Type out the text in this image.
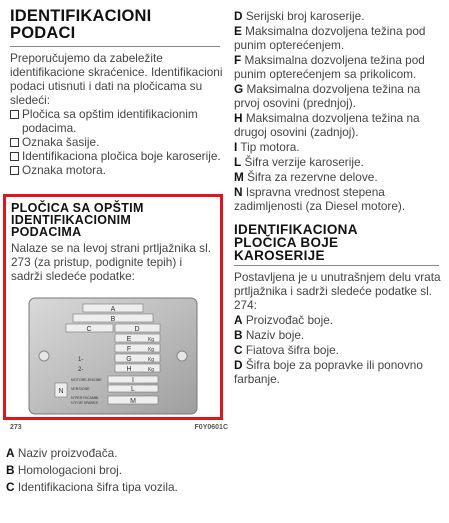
IDENTIFIKACIONI
PODACI

Preporučujemo da zabeležite identifikacione skraćenice. Identifikacioni podaci utisnuti i dati na pločicama su sledeći:

Pločica sa opštim identifikacionim podacima.
Oznaka šasije.
Identifikaciona pločica boje karoserije.
Oznaka motora.
PLOČICA SA OPŠTIM
IDENTIFIKACIONIM
PODACIMA

Nalaze se na levoj strani prtljažnika sl. 273 (za pristup, podignite tepih) i sadrži sledeće podatke:

A
B
C	D
E	Kg
F	Kg
1-	G	Kg
2-	H	Kg
MOTORE-ENGINE	I
N VERSIONE	L
N°PER RICAMBI
N°FOR SPARES	M
273	F0Y0601C

A Naziv proizvođača.

B Homologacioni broj.

C Identifikaciona šifra tipa vozila.

D Serijski broj karoserije.

E Maksimalna dozvoljena težina pod punim opterećenjem.

F Maksimalna dozvoljena težina pod punim opterećenjem sa prikolicom.

G Maksimalna dozvoljena težina na prvoj osovini (prednjoj).

H Maksimalna dozvoljena težina na drugoj osovini (zadnjoj).

I Tip motora.

L Šifra verzije karoserije.

M Šifra za rezervne delove.

N Ispravna vrednost stepena zadimljenosti (za Diesel motore).

IDENTIFIKACIONA
PLOČICA BOJE
KAROSERIJE

Postavljena je u unutrašnjem delu vrata prtljažnika i sadrži sledeće podatke sl. 274:

A Proizvođač boje.

B Naziv boje.

C Fiatova šifra boje.

D Šifra boje za popravke ili ponovno farbanje.
